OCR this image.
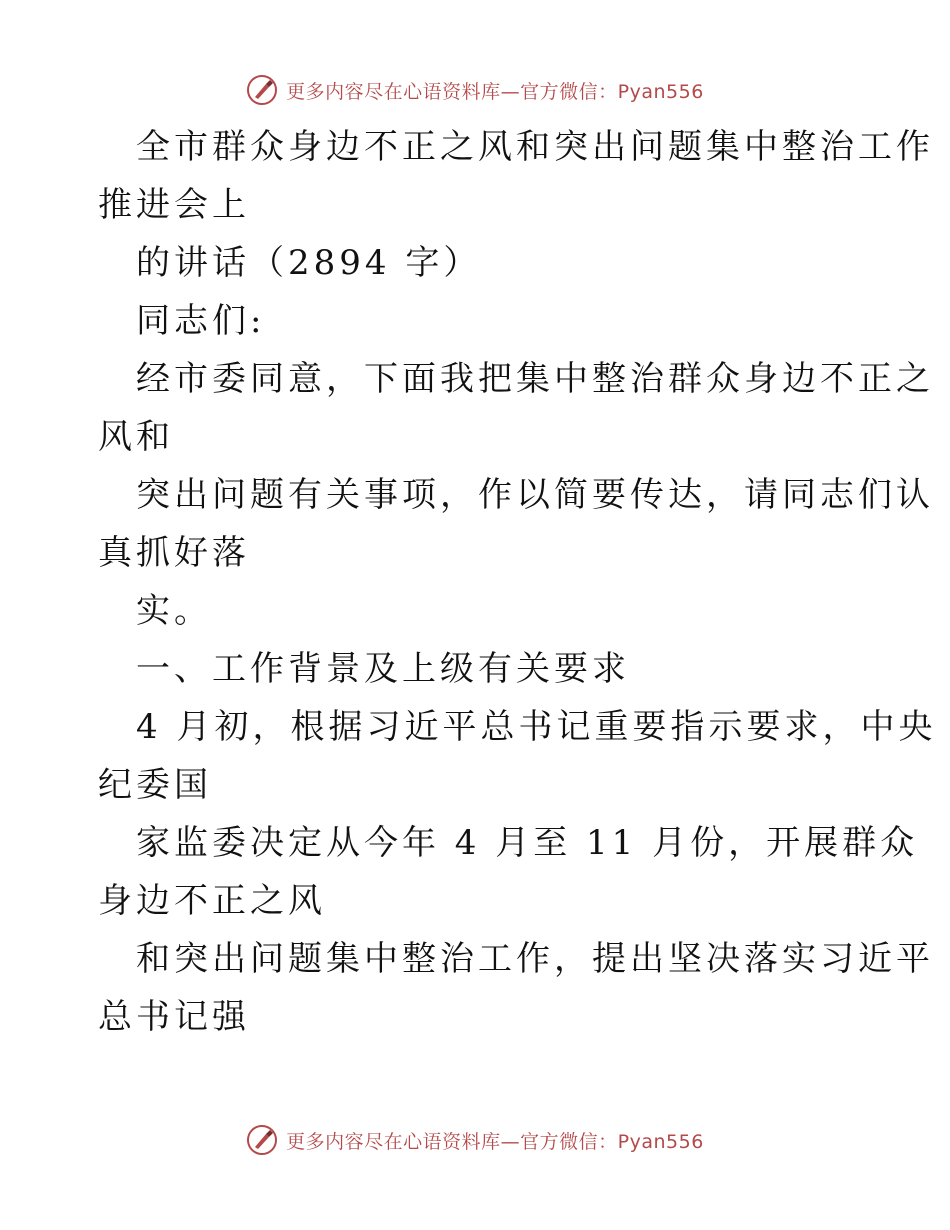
更多内容尽在心语资料库—官方微信：Pyan556
全市群众身边不正之风和突出问题集中整治工作
推进会上
的讲话（2894 字）
同志们:
经市委同意，下面我把集中整治群众身边不正之
风和
突出问题有关事项，作以简要传达，请同志们认
真抓好落
实。
一、工作背景及上级有关要求
4 月初，根据习近平总书记重要指示要求，中央
纪委国
家监委决定从今年 4 月至 11 月份，开展群众
身边不正之风
和突出问题集中整治工作，提出坚决落实习近平
总书记强
更多内容尽在心语资料库—官方微信：Pyan556
